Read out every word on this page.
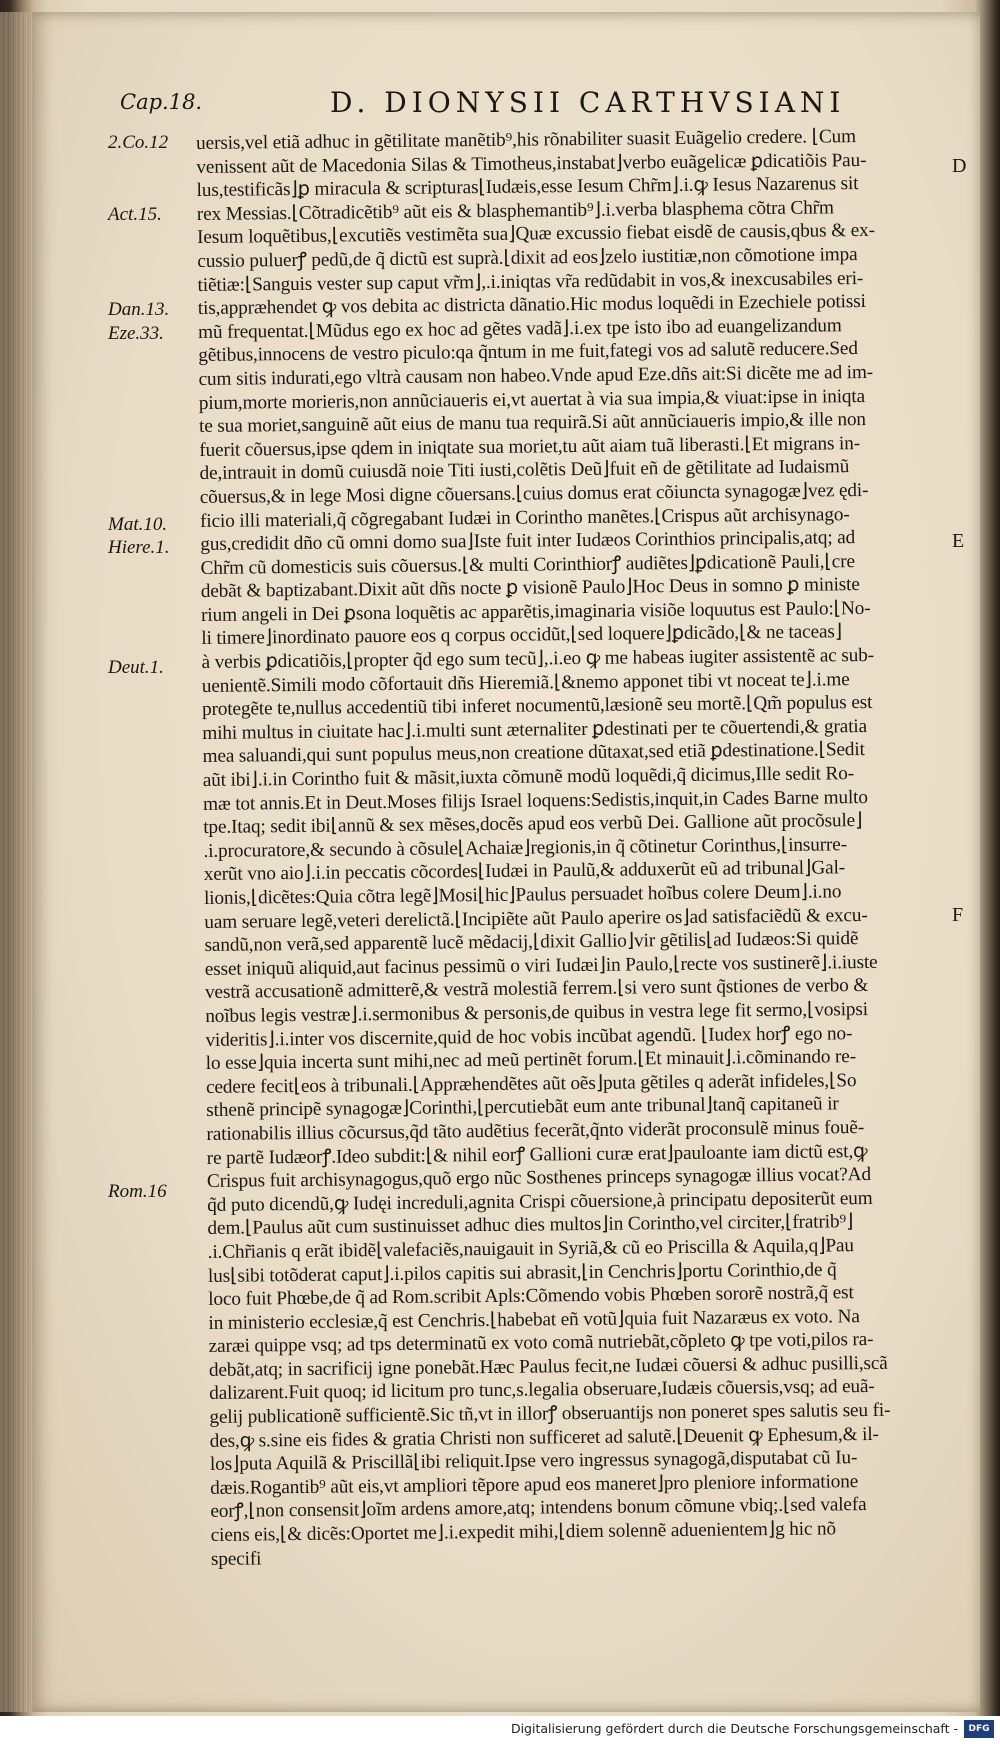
Cap.18.	D. DIONYSII CARTHVSIANI
2.Co.12
Act.15.
Dan.13.
Eze.33.
Mat.10.
Hiere.1.
Deut.1.
Rom.16
D
E
F
uersis,vel etiã adhuc in gẽtilitate manẽtib⁹,his rõnabiliter suasit Euãgelio credere. ⌊Cum
venissent aũt de Macedonia Silas & Timotheus,instabat⌋verbo euãgelicæ ꝑdicatiõis Pau-
lus,testificãs⌋ꝑ miracula & scripturas⌊Iudæis,esse Iesum Chr̃m⌋.i.ꝙ Iesus Nazarenus sit
rex Messias.⌊Cõtradicẽtib⁹ aũt eis & blasphemantib⁹⌋.i.verba blasphema cõtra Chr̃m
Iesum loquẽtibus,⌊excutiẽs vestimẽta sua⌋Quæ excussio fiebat eisdẽ de causis,qbus & ex-
cussio puluerꝭ pedũ,de q̃ dictũ est suprà.⌊dixit ad eos⌋zelo iustitiæ,non cõmotione impa
tiẽtiæ:⌊Sanguis vester sup caput vr̃m⌋,.i.iniqtas vr̃a redũdabit in vos,& inexcusabiles eri-
tis,appræhendet ꝙ vos debita ac districta dãnatio.Hic modus loquẽdi in Ezechiele potissi
mũ frequentat.⌊Mũdus ego ex hoc ad gẽtes vadã⌋.i.ex tpe isto ibo ad euangelizandum
gẽtibus,innocens de vestro piculo:qa q̃ntum in me fuit,fategi vos ad salutẽ reducere.Sed
cum sitis indurati,ego vltrà causam non habeo.Vnde apud Eze.dñs ait:Si dicẽte me ad im-
pium,morte morieris,non annũciaueris ei,vt auertat à via sua impia,& viuat:ipse in iniqta
te sua moriet,sanguinẽ aũt eius de manu tua requirã.Si aũt annũciaueris impio,& ille non
fuerit cõuersus,ipse qdem in iniqtate sua moriet,tu aũt aiam tuã liberasti.⌊Et migrans in-
de,intrauit in domũ cuiusdã noie Titi iusti,colẽtis Deũ⌋fuit eñ de gẽtilitate ad Iudaismũ
cõuersus,& in lege Mosi digne cõuersans.⌊cuius domus erat cõiuncta synagogæ⌋vez ędi-
ficio illi materiali,q̃ cõgregabant Iudæi in Corintho manẽtes.⌊Crispus aũt archisynago-
gus,credidit dño cũ omni domo sua⌋Iste fuit inter Iudæos Corinthios principalis,atq; ad
Chr̃m cũ domesticis suis cõuersus.⌊& multi Corinthiorꝭ audiẽtes⌋ꝑdicationẽ Pauli,⌊cre
debãt & baptizabant.Dixit aũt dñs nocte ꝑ visionẽ Paulo⌋Hoc Deus in somno ꝑ ministe
rium angeli in Dei ꝑsona loquẽtis ac apparẽtis,imaginaria visiõe loquutus est Paulo:⌊No-
li timere⌋inordinato pauore eos q corpus occidũt,⌊sed loquere⌋ꝑdicãdo,⌊& ne taceas⌋
à verbis ꝑdicatiõis,⌊propter q̃d ego sum tecũ⌋,.i.eo ꝙ me habeas iugiter assistentẽ ac sub-
uenientẽ.Simili modo cõfortauit dñs Hieremiã.⌊&nemo apponet tibi vt noceat te⌋.i.me
protegẽte te,nullus accedentiũ tibi inferet nocumentũ,læsionẽ seu mortẽ.⌊Qm̃ populus est
mihi multus in ciuitate hac⌋.i.multi sunt æternaliter ꝑdestinati per te cõuertendi,& gratia
mea saluandi,qui sunt populus meus,non creatione dũtaxat,sed etiã ꝑdestinatione.⌊Sedit
aũt ibi⌋.i.in Corintho fuit & mãsit,iuxta cõmunẽ modũ loquẽdi,q̃ dicimus,Ille sedit Ro-
mæ tot annis.Et in Deut.Moses filijs Israel loquens:Sedistis,inquit,in Cades Barne multo
tpe.Itaq; sedit ibi⌊annũ & sex mẽses,docẽs apud eos verbũ Dei. Gallione aũt procõsule⌋
.i.procuratore,& secundo à cõsule⌊Achaiæ⌋regionis,in q̃ cõtinetur Corinthus,⌊insurre-
xerũt vno aio⌋.i.in peccatis cõcordes⌊Iudæi in Paulũ,& adduxerũt eũ ad tribunal⌋Gal-
lionis,⌊dicẽtes:Quia cõtra legẽ⌋Mosi⌊hic⌋Paulus persuadet hoĩbus colere Deum⌋.i.no
uam seruare legẽ,veteri derelictã.⌊Incipiẽte aũt Paulo aperire os⌋ad satisfaciẽdũ & excu-
sandũ,non verã,sed apparentẽ lucẽ mẽdacij,⌊dixit Gallio⌋vir gẽtilis⌊ad Iudæos:Si quidẽ
esset iniquũ aliquid,aut facinus pessimũ o viri Iudæi⌋in Paulo,⌊recte vos sustinerẽ⌋.i.iuste
vestrã accusationẽ admitterẽ,& vestrã molestiã ferrem.⌊si vero sunt q̃stiones de verbo &
noĩbus legis vestræ⌋.i.sermonibus & personis,de quibus in vestra lege fit sermo,⌊vosipsi
videritis⌋.i.inter vos discernite,quid de hoc vobis incũbat agendũ. ⌊Iudex horꝭ ego no-
lo esse⌋quia incerta sunt mihi,nec ad meũ pertinẽt forum.⌊Et minauit⌋.i.cõminando re-
cedere fecit⌊eos à tribunali.⌊Appræhendẽtes aũt oẽs⌋puta gẽtiles q aderãt infideles,⌊So
sthenẽ principẽ synagogæ⌋Corinthi,⌊percutiebãt eum ante tribunal⌋tanq̃ capitaneũ ir
rationabilis illius cõcursus,q̃d tãto audẽtius fecerãt,q̃nto viderãt proconsulẽ minus fouẽ-
re partẽ Iudæorꝭ.Ideo subdit:⌊& nihil eorꝭ Gallioni curæ erat⌋pauloante iam dictũ est,ꝙ
Crispus fuit archisynagogus,quõ ergo nũc Sosthenes princeps synagogæ illius vocat?Ad
q̃d puto dicendũ,ꝙ Iudęi increduli,agnita Crispi cõuersione,à principatu depositerũt eum
dem.⌊Paulus aũt cum sustinuisset adhuc dies multos⌋in Corintho,vel circiter,⌊fratrib⁹⌋
.i.Chr̃ianis q erãt ibidẽ⌊valefaciẽs,nauigauit in Syriã,& cũ eo Priscilla & Aquila,q⌋Pau
lus⌊sibi totõderat caput⌋.i.pilos capitis sui abrasit,⌊in Cenchris⌋portu Corinthio,de q̃
loco fuit Phœbe,de q̃ ad Rom.scribit Apls:Cõmendo vobis Phœben sororẽ nostrã,q̃ est
in ministerio ecclesiæ,q̃ est Cenchris.⌊habebat eñ votũ⌋quia fuit Nazaræus ex voto. Na
zaræi quippe vsq; ad tps determinatũ ex voto comã nutriebãt,cõpleto ꝙ tpe voti,pilos ra-
debãt,atq; in sacrificij igne ponebãt.Hæc Paulus fecit,ne Iudæi cõuersi & adhuc pusilli,scã
dalizarent.Fuit quoq; id licitum pro tunc,s.legalia obseruare,Iudæis cõuersis,vsq; ad euã-
gelij publicationẽ sufficientẽ.Sic tñ,vt in illorꝭ obseruantijs non poneret spes salutis seu fi-
des,ꝙ s.sine eis fides & gratia Christi non sufficeret ad salutẽ.⌊Deuenit ꝙ Ephesum,& il-
los⌋puta Aquilã & Priscillã⌊ibi reliquit.Ipse vero ingressus synagogã,disputabat cũ Iu-
dæis.Rogantib⁹ aũt eis,vt ampliori tẽpore apud eos maneret⌋pro pleniore informatione
eorꝭ,⌊non consensit⌋oĩm ardens amore,atq; intendens bonum cõmune vbiq;.⌊sed valefa
ciens eis,⌊& dicẽs:Oportet me⌋.i.expedit mihi,⌊diem solennẽ aduenientem⌋g hic nõ
specifi
Digitalisierung gefördert durch die Deutsche Forschungsgemeinschaft -	DFG
